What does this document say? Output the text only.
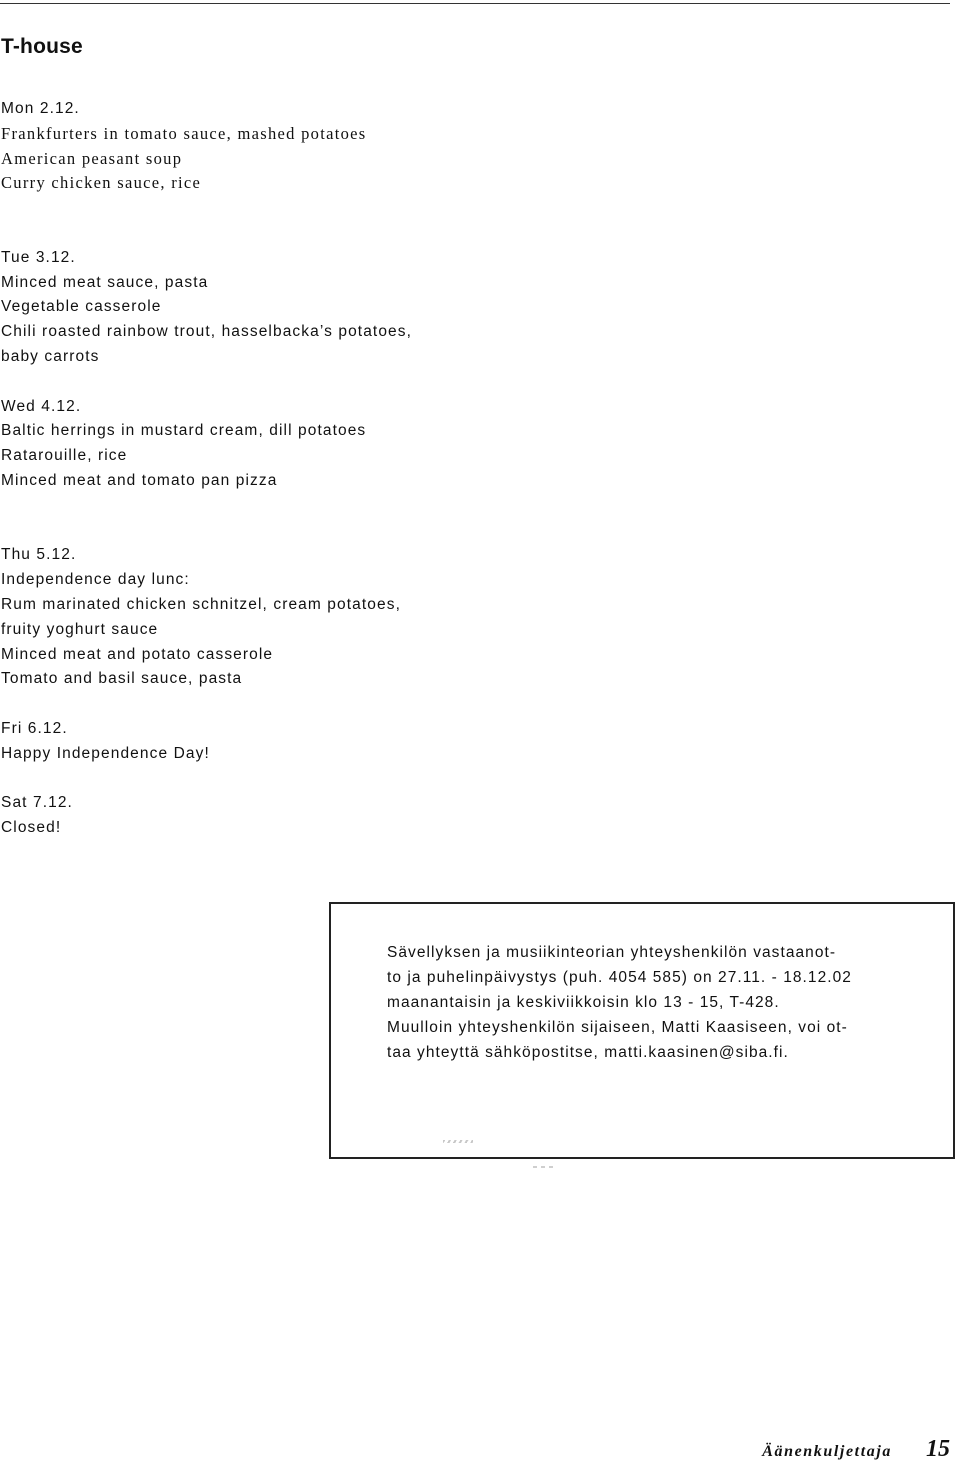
T-house
Mon 2.12.
Frankfurters in tomato sauce, mashed potatoes
American peasant soup
Curry chicken sauce, rice
Tue 3.12.
Minced meat sauce, pasta
Vegetable casserole
Chili roasted rainbow trout, hasselbacka’s potatoes,
baby carrots
Wed 4.12.
Baltic herrings in mustard cream, dill potatoes
Ratarouille, rice
Minced meat and tomato pan pizza
Thu 5.12.
Independence day lunc:
Rum marinated chicken schnitzel, cream potatoes,
fruity yoghurt sauce
Minced meat and potato casserole
Tomato and basil sauce, pasta
Fri 6.12.
Happy Independence Day!
Sat 7.12.
Closed!
Sävellyksen ja musiikinteorian yhteyshenkilön vastaanot-
to ja puhelinpäivystys (puh. 4054 585) on 27.11. - 18.12.02
maanantaisin ja keskiviikkoisin klo 13 - 15, T-428.
Muulloin yhteyshenkilön sijaiseen, Matti Kaasiseen, voi ot-
taa yhteyttä sähköpostitse, matti.kaasinen@siba.fi.
Äänenkuljettaja 15
